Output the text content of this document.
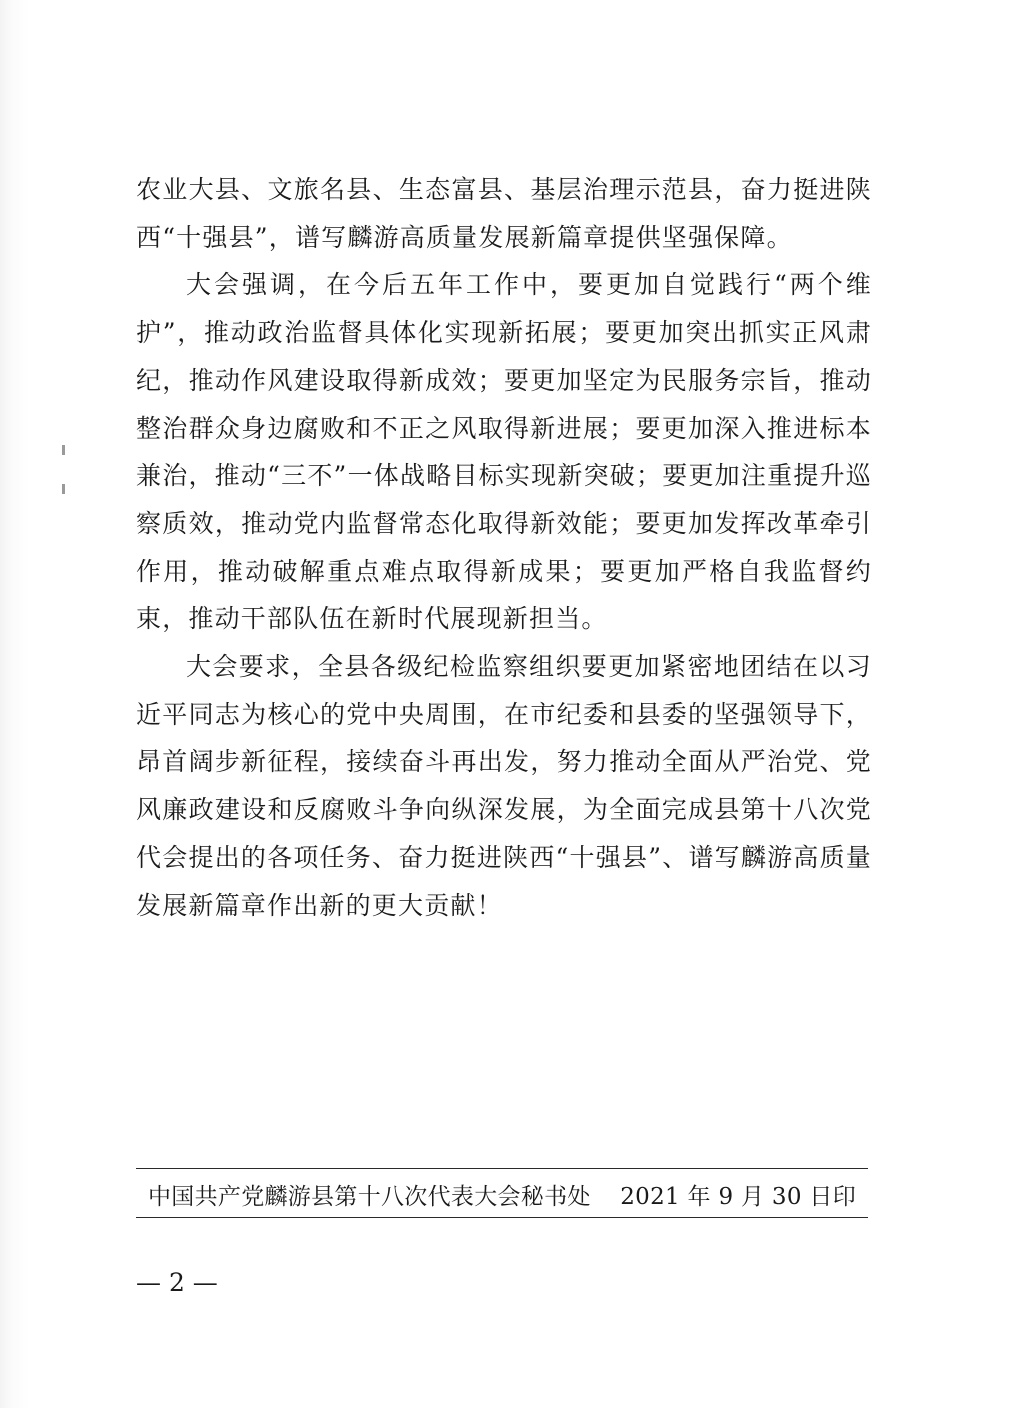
农业大县、文旅名县、生态富县、基层治理示范县，奋力挺进陕西“十强县”，谱写麟游高质量发展新篇章提供坚强保障。

大会强调，在今后五年工作中，要更加自觉践行“两个维护”，推动政治监督具体化实现新拓展；要更加突出抓实正风肃纪，推动作风建设取得新成效；要更加坚定为民服务宗旨，推动整治群众身边腐败和不正之风取得新进展；要更加深入推进标本兼治，推动“三不”一体战略目标实现新突破；要更加注重提升巡察质效，推动党内监督常态化取得新效能；要更加发挥改革牵引作用，推动破解重点难点取得新成果；要更加严格自我监督约束，推动干部队伍在新时代展现新担当。

大会要求，全县各级纪检监察组织要更加紧密地团结在以习近平同志为核心的党中央周围，在市纪委和县委的坚强领导下，昂首阔步新征程，接续奋斗再出发，努力推动全面从严治党、党风廉政建设和反腐败斗争向纵深发展，为全面完成县第十八次党代会提出的各项任务、奋力挺进陕西“十强县”、谱写麟游高质量发展新篇章作出新的更大贡献！

中国共产党麟游县第十八次代表大会秘书处 2021 年 9 月 30 日印
— 2 —
